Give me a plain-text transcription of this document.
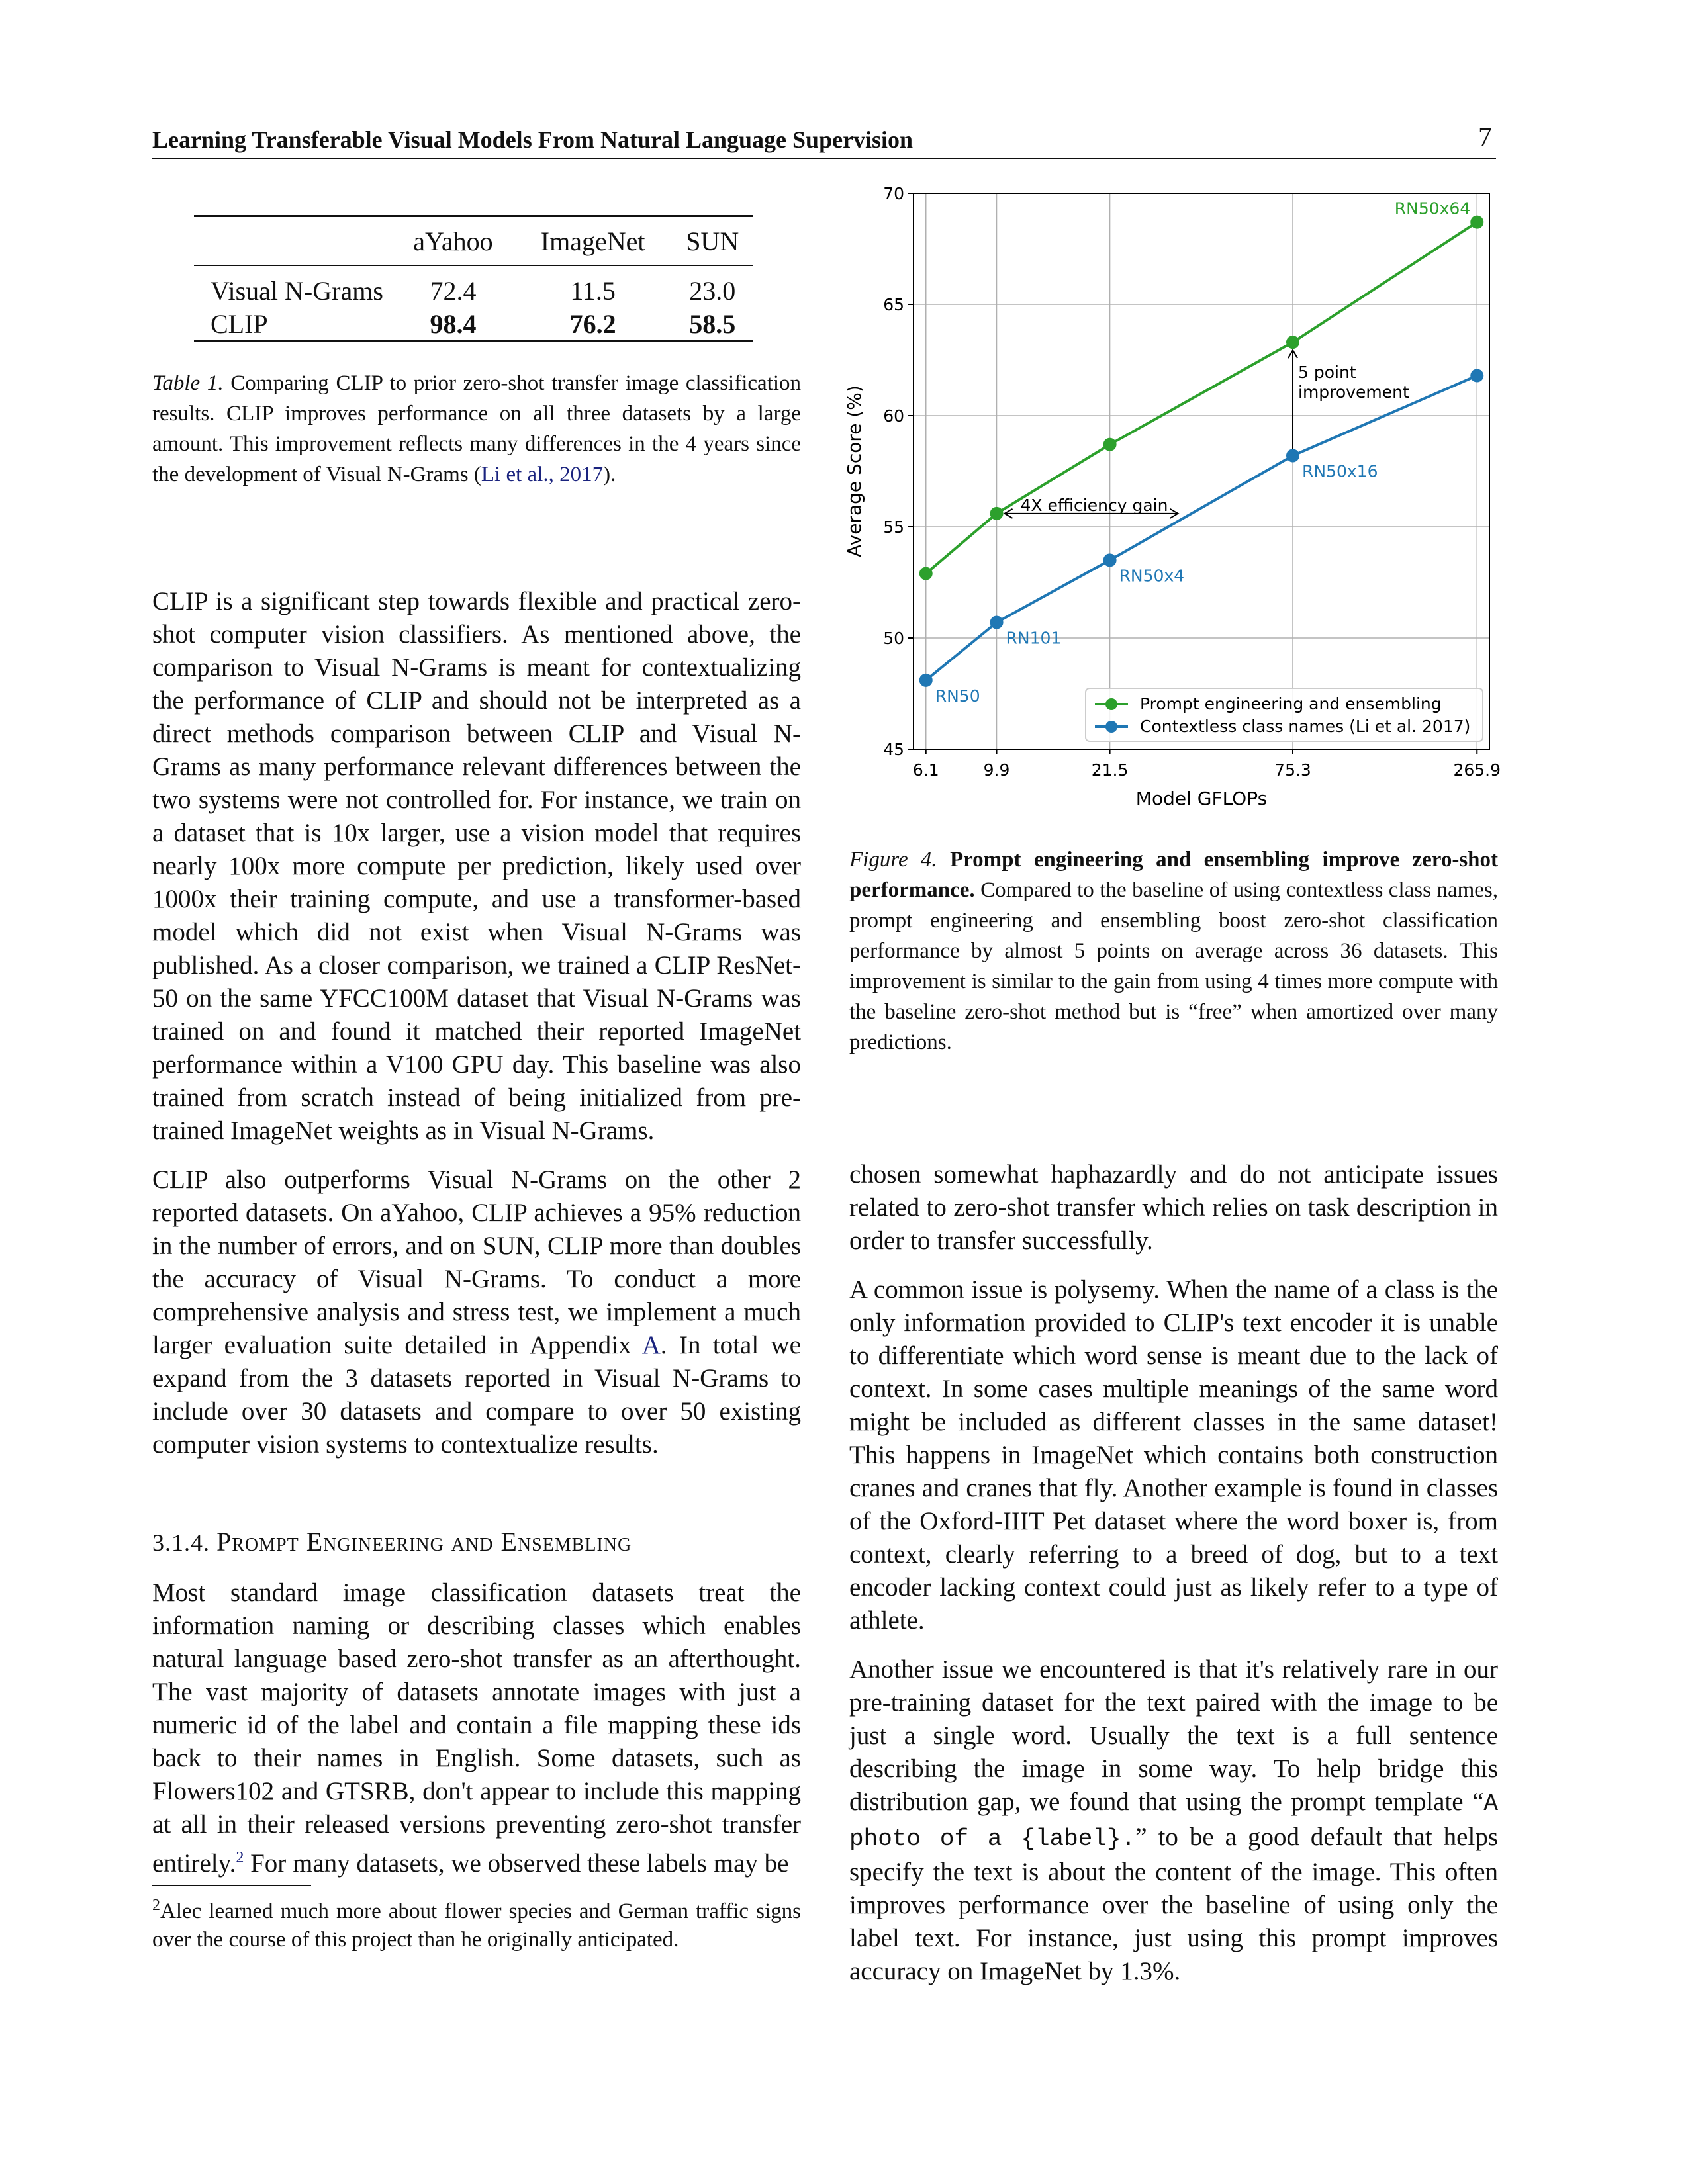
Learning Transferable Visual Models From Natural Language Supervision	7
	aYahoo	ImageNet	SUN
Visual N-Grams	72.4	11.5	23.0
CLIP	98.4	76.2	58.5
Table 1. Comparing CLIP to prior zero-shot transfer image classification results. CLIP improves performance on all three datasets by a large amount. This improvement reflects many differences in the 4 years since the development of Visual N-Grams (Li et al., 2017).

CLIP is a significant step towards flexible and practical zero-shot computer vision classifiers. As mentioned above, the comparison to Visual N-Grams is meant for contextualizing the performance of CLIP and should not be interpreted as a direct methods comparison between CLIP and Visual N-Grams as many performance relevant differences between the two systems were not controlled for. For instance, we train on a dataset that is 10x larger, use a vision model that requires nearly 100x more compute per prediction, likely used over 1000x their training compute, and use a transformer-based model which did not exist when Visual N-Grams was published. As a closer comparison, we trained a CLIP ResNet-50 on the same YFCC100M dataset that Visual N-Grams was trained on and found it matched their reported ImageNet performance within a V100 GPU day. This baseline was also trained from scratch instead of being initialized from pre-trained ImageNet weights as in Visual N-Grams.

CLIP also outperforms Visual N-Grams on the other 2 reported datasets. On aYahoo, CLIP achieves a 95% reduction in the number of errors, and on SUN, CLIP more than doubles the accuracy of Visual N-Grams. To conduct a more comprehensive analysis and stress test, we implement a much larger evaluation suite detailed in Appendix A. In total we expand from the 3 datasets reported in Visual N-Grams to include over 30 datasets and compare to over 50 existing computer vision systems to contextualize results.

3.1.4. Prompt Engineering and Ensembling

Most standard image classification datasets treat the information naming or describing classes which enables natural language based zero-shot transfer as an afterthought. The vast majority of datasets annotate images with just a numeric id of the label and contain a file mapping these ids back to their names in English. Some datasets, such as Flowers102 and GTSRB, don't appear to include this mapping at all in their released versions preventing zero-shot transfer entirely.$^2$ For many datasets, we observed these labels may be

$^2$Alec learned much more about flower species and German traffic signs over the course of this project than he originally anticipated.
45
50
55
60
65
70
6.1	9.9	21.5	75.3	265.9
Model GFLOPs
Average Score (%)
RN50
RN101
RN50x4
RN50x16
RN50x64
4X efficiency gain
5 point
improvement
Prompt engineering and ensembling
Contextless class names (Li et al. 2017)
Figure 4. Prompt engineering and ensembling improve zero-shot performance. Compared to the baseline of using contextless class names, prompt engineering and ensembling boost zero-shot classification performance by almost 5 points on average across 36 datasets. This improvement is similar to the gain from using 4 times more compute with the baseline zero-shot method but is “free” when amortized over many predictions.

chosen somewhat haphazardly and do not anticipate issues related to zero-shot transfer which relies on task description in order to transfer successfully.

A common issue is polysemy. When the name of a class is the only information provided to CLIP's text encoder it is unable to differentiate which word sense is meant due to the lack of context. In some cases multiple meanings of the same word might be included as different classes in the same dataset! This happens in ImageNet which contains both construction cranes and cranes that fly. Another example is found in classes of the Oxford-IIIT Pet dataset where the word boxer is, from context, clearly referring to a breed of dog, but to a text encoder lacking context could just as likely refer to a type of athlete.

Another issue we encountered is that it's relatively rare in our pre-training dataset for the text paired with the image to be just a single word. Usually the text is a full sentence describing the image in some way. To help bridge this distribution gap, we found that using the prompt template “A photo of a {label}.” to be a good default that helps specify the text is about the content of the image. This often improves performance over the baseline of using only the label text. For instance, just using this prompt improves accuracy on ImageNet by 1.3%.
